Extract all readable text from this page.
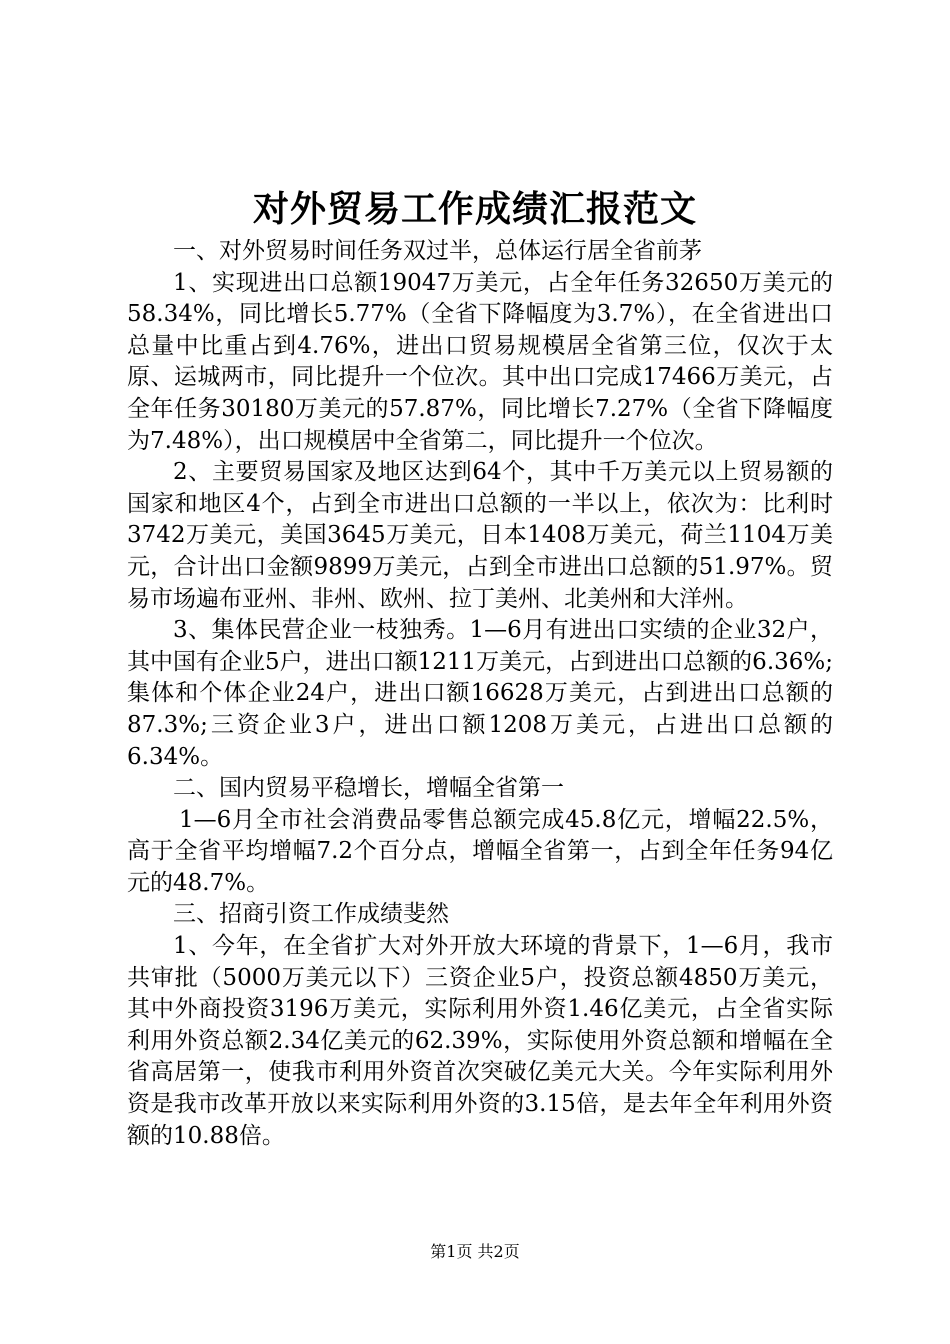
对外贸易工作成绩汇报范文

一、对外贸易时间任务双过半，总体运行居全省前茅

1、实现进出口总额19047万美元，占全年任务32650万美元的58.34%，同比增长5.77%（全省下降幅度为3.7%），在全省进出口总量中比重占到4.76%，进出口贸易规模居全省第三位，仅次于太原、运城两市，同比提升一个位次。其中出口完成17466万美元，占全年任务30180万美元的57.87%，同比增长7.27%（全省下降幅度为7.48%），出口规模居中全省第二，同比提升一个位次。

2、主要贸易国家及地区达到64个，其中千万美元以上贸易额的国家和地区4个，占到全市进出口总额的一半以上，依次为：比利时3742万美元，美国3645万美元，日本1408万美元，荷兰1104万美元，合计出口金额9899万美元，占到全市进出口总额的51.97%。贸易市场遍布亚州、非州、欧州、拉丁美州、北美州和大洋州。

3、集体民营企业一枝独秀。1—6月有进出口实绩的企业32户，其中国有企业5户，进出口额1211万美元，占到进出口总额的6.36%;集体和个体企业24户，进出口额16628万美元，占到进出口总额的87.3%;三资企业3户，进出口额1208万美元，占进出口总额的6.34%。

二、国内贸易平稳增长，增幅全省第一

1—6月全市社会消费品零售总额完成45.8亿元，增幅22.5%，高于全省平均增幅7.2个百分点，增幅全省第一，占到全年任务94亿元的48.7%。

三、招商引资工作成绩斐然

1、今年，在全省扩大对外开放大环境的背景下，1—6月，我市共审批（5000万美元以下）三资企业5户，投资总额4850万美元，其中外商投资3196万美元，实际利用外资1.46亿美元，占全省实际利用外资总额2.34亿美元的62.39%，实际使用外资总额和增幅在全省高居第一，使我市利用外资首次突破亿美元大关。今年实际利用外资是我市改革开放以来实际利用外资的3.15倍，是去年全年利用外资额的10.88倍。

第1页 共2页
